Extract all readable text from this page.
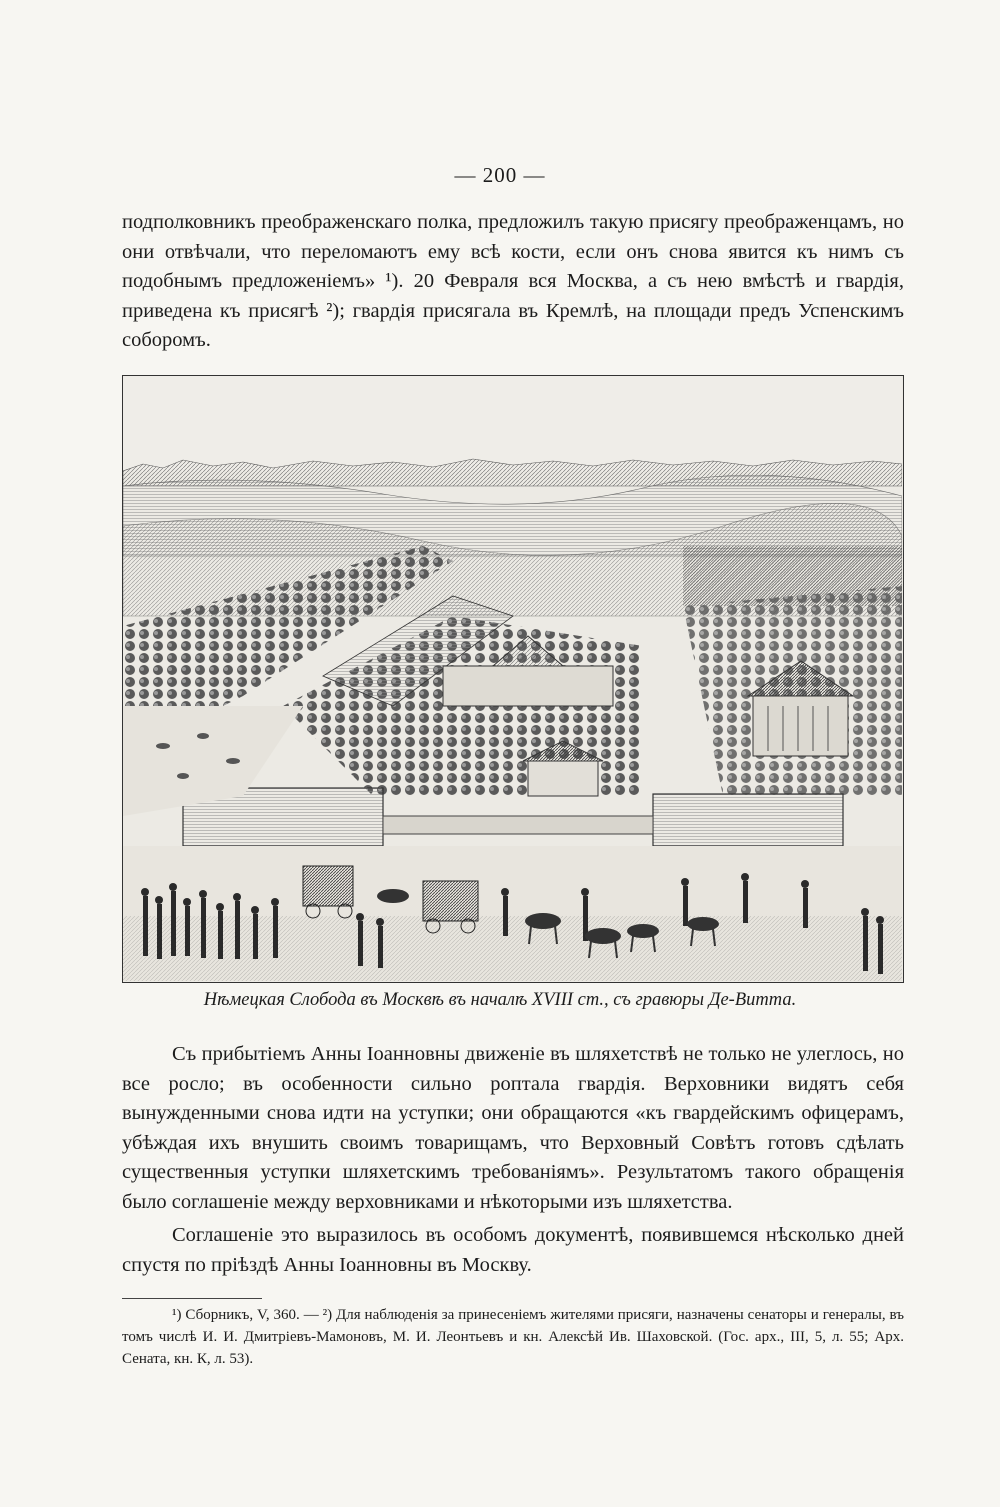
— 200 —

подполковникъ преображенскаго полка, предложилъ такую присягу преображенцамъ, но они отвѣчали, что переломаютъ ему всѣ кости, если онъ снова явится къ нимъ съ подобнымъ предложеніемъ» ¹). 20 Февраля вся Москва, а съ нею вмѣстѣ и гвардія, приведена къ присягѣ ²); гвардія присягала въ Кремлѣ, на площади предъ Успенскимъ соборомъ.

Нѣмецкая Слобода въ Москвѣ въ началѣ XVIII ст., съ гравюры Де-Витта.

Съ прибытіемъ Анны Іоанновны движеніе въ шляхетствѣ не только не улеглось, но все росло; въ особенности сильно роптала гвардія. Верховники видятъ себя вынужденными снова идти на уступки; они обращаются «къ гвардейскимъ офицерамъ, убѣждая ихъ внушить своимъ товарищамъ, что Верховный Совѣтъ готовъ сдѣлать существенныя уступки шляхетскимъ требованіямъ». Результатомъ такого обращенія было соглашеніе между верховниками и нѣкоторыми изъ шляхетства.

Соглашеніе это выразилось въ особомъ документѣ, появившемся нѣсколько дней спустя по пріѣздѣ Анны Іоанновны въ Москву.

¹) Сборникъ, V, 360. — ²) Для наблюденія за принесеніемъ жителями присяги, назначены сенаторы и генералы, въ томъ числѣ И. И. Дмитріевъ-Мамоновъ, М. И. Леонтьевъ и кн. Алексѣй Ив. Шаховской. (Гос. арх., III, 5, л. 55; Арх. Сената, кн. К, л. 53).
